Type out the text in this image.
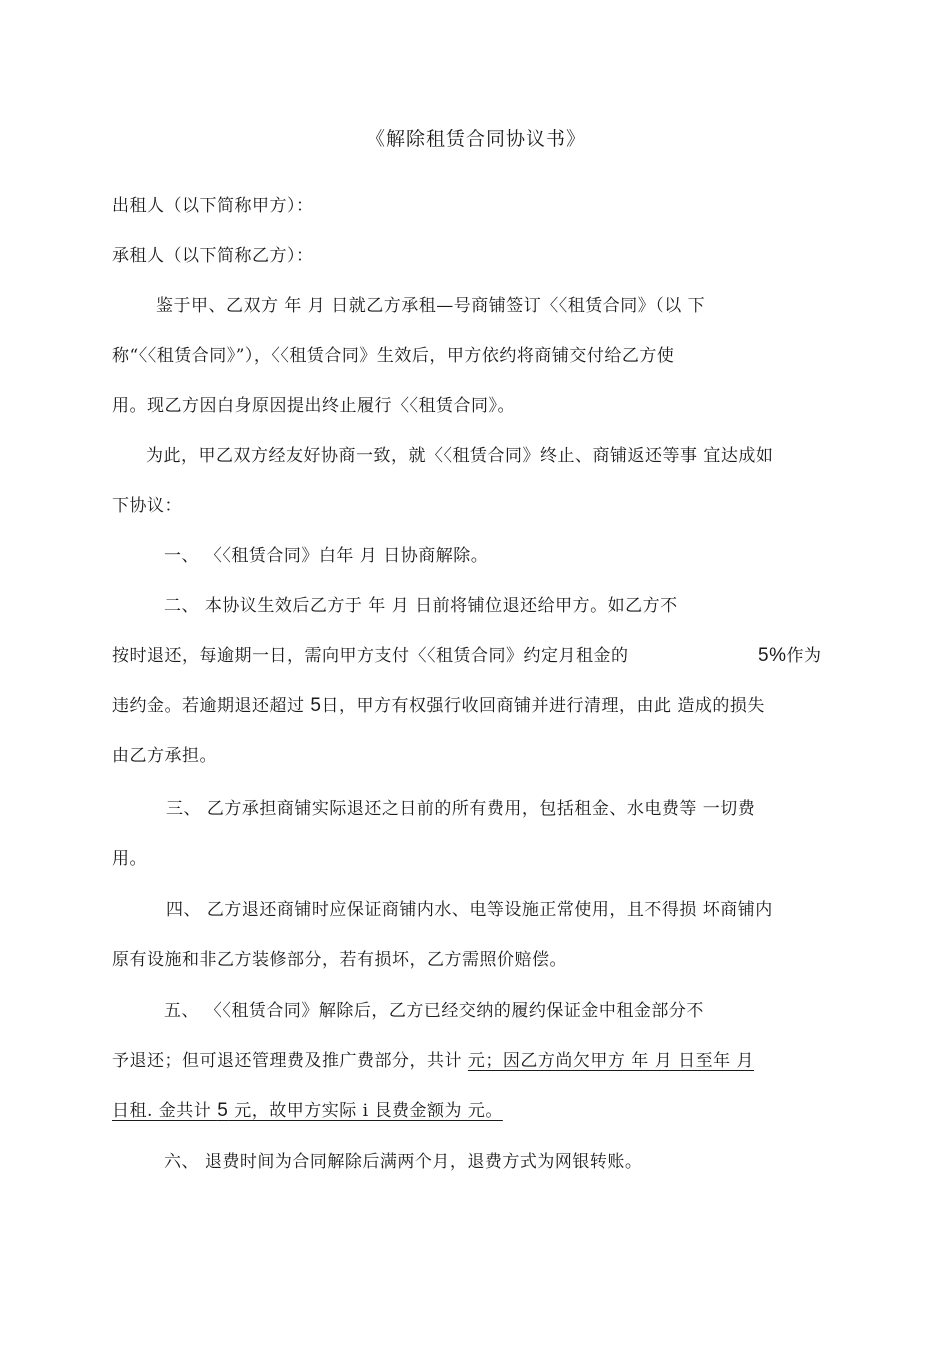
《解除租赁合同协议书》
出租人（以下简称甲方）：
承租人（以下简称乙方）：
鉴于甲、乙双方 年 月 日就乙方承租—号商铺签订〈〈租赁合同》（以 下
称“〈〈租赁合同》”），〈〈租赁合同》生效后，甲方依约将商铺交付给乙方使
用。现乙方因白身原因提出终止履行〈〈租赁合同》。
为此，甲乙双方经友好协商一致，就〈〈租赁合同》终止、商铺返还等事 宜达成如
下协议：
一、 〈〈租赁合同》白年 月 日协商解除。
二、 本协议生效后乙方于 年 月 日前将铺位退还给甲方。如乙方不
按时退还，每逾期一日，需向甲方支付〈〈租赁合同》约定月租金的	5%作为
违约金。若逾期退还超过 5日，甲方有权强行收回商铺并进行清理，由此 造成的损失
由乙方承担。
三、 乙方承担商铺实际退还之日前的所有费用，包括租金、水电费等 一切费
用。
四、 乙方退还商铺时应保证商铺内水、电等设施正常使用，且不得损 坏商铺内
原有设施和非乙方装修部分，若有损坏，乙方需照价赔偿。
五、 〈〈租赁合同》解除后，乙方已经交纳的履约保证金中租金部分不
予退还；但可退还管理费及推广费部分，共计 元；因乙方尚欠甲方 年 月 日至年 月
日租. 金共计 5 元，故甲方实际 i 艮费金额为 元。
六、 退费时间为合同解除后满两个月，退费方式为网银转账。
